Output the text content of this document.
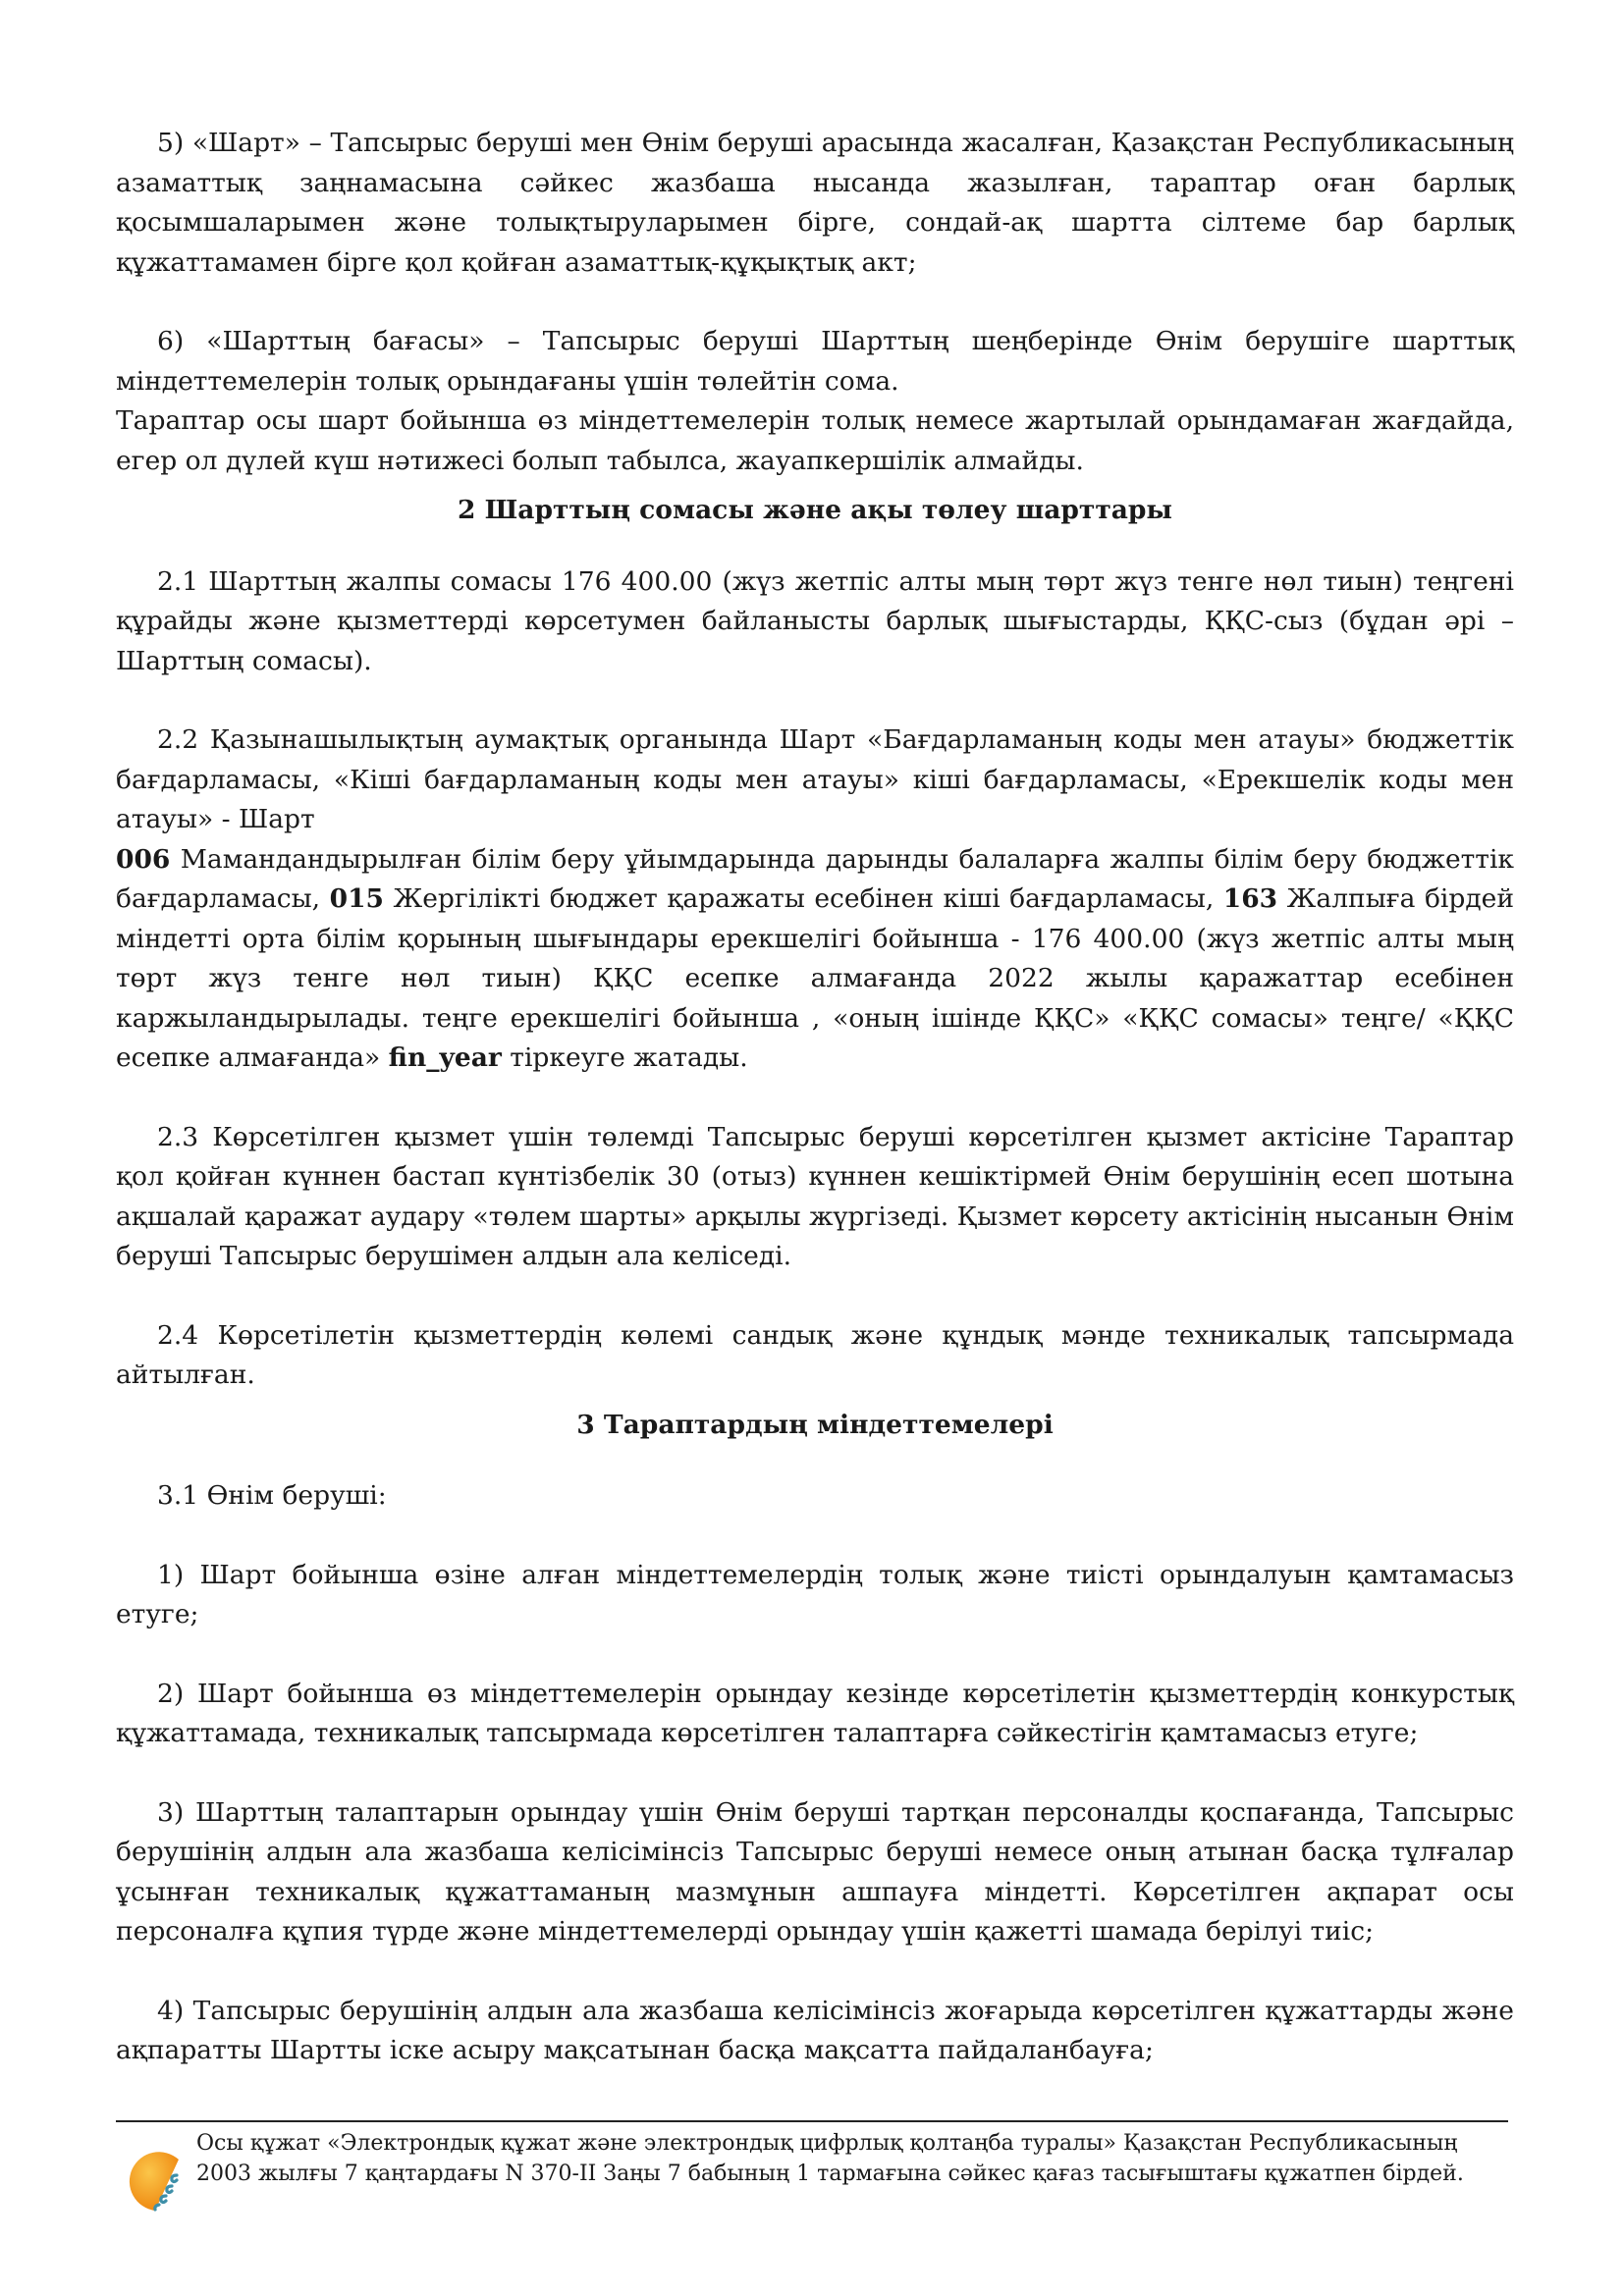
5) «Шарт» – Тапсырыс беруші мен Өнім беруші арасында жасалған, Қазақстан Республикасының азаматтық заңнамасына сәйкес жазбаша нысанда жазылған, тараптар оған барлық қосымшаларымен және толықтыруларымен бірге, сондай-ақ шартта сілтеме бар барлық құжаттамамен бірге қол қойған азаматтық-құқықтық акт;

6) «Шарттың бағасы» – Тапсырыс беруші Шарттың шеңберінде Өнім берушіге шарттық міндеттемелерін толық орындағаны үшін төлейтін сома.

Тараптар осы шарт бойынша өз міндеттемелерін толық немесе жартылай орындамаған жағдайда, егер ол дүлей күш нәтижесі болып табылса, жауапкершілік алмайды.

2 Шарттың сомасы және ақы төлеу шарттары

2.1 Шарттың жалпы сомасы 176 400.00 (жүз жетпіс алты мың төрт жүз тенге нөл тиын) теңгені құрайды және қызметтерді көрсетумен байланысты барлық шығыстарды, ҚҚС-сыз (бұдан әрі – Шарттың сомасы).

2.2 Қазынашылықтың аумақтық органында Шарт «Бағдарламаның коды мен атауы» бюджеттік бағдарламасы, «Кіші бағдарламаның коды мен атауы» кіші бағдарламасы, «Ерекшелік коды мен атауы» - Шарт
006 Мамандандырылған білім беру ұйымдарында дарынды балаларға жалпы білім беру бюджеттік бағдарламасы, 015 Жергілікті бюджет қаражаты есебінен кіші бағдарламасы, 163 Жалпыға бірдей міндетті орта білім қорының шығындары ерекшелігі бойынша - 176 400.00 (жүз жетпіс алты мың төрт жүз тенге нөл тиын) ҚҚС есепке алмағанда 2022 жылы қаражаттар есебінен каржыландырылады. теңге ерекшелігі бойынша , «оның ішінде ҚҚС» «ҚҚС сомасы» теңге/ «ҚҚС есепке алмағанда» fin_year тіркеуге жатады.

2.3 Көрсетілген қызмет үшін төлемді Тапсырыс беруші көрсетілген қызмет актісіне Тараптар қол қойған күннен бастап күнтізбелік 30 (отыз) күннен кешіктірмей Өнім берушінің есеп шотына ақшалай қаражат аудару «төлем шарты» арқылы жүргізеді. Қызмет көрсету актісінің нысанын Өнім беруші Тапсырыс берушімен алдын ала келіседі.

2.4 Көрсетілетін қызметтердің көлемі сандық және құндық мәнде техникалық тапсырмада айтылған.

3 Тараптардың міндеттемелері

3.1 Өнім беруші:

1) Шарт бойынша өзіне алған міндеттемелердің толық және тиісті орындалуын қамтамасыз етуге;

2) Шарт бойынша өз міндеттемелерін орындау кезінде көрсетілетін қызметтердің конкурстық құжаттамада, техникалық тапсырмада көрсетілген талаптарға сәйкестігін қамтамасыз етуге;

3) Шарттың талаптарын орындау үшін Өнім беруші тартқан персоналды қоспағанда, Тапсырыс берушінің алдын ала жазбаша келісімінсіз Тапсырыс беруші немесе оның атынан басқа тұлғалар ұсынған техникалық құжаттаманың мазмұнын ашпауға міндетті. Көрсетілген ақпарат осы персоналға құпия түрде және міндеттемелерді орындау үшін қажетті шамада берілуі тиіс;

4) Тапсырыс берушінің алдын ала жазбаша келісімінсіз жоғарыда көрсетілген құжаттарды және ақпаратты Шартты іске асыру мақсатынан басқа мақсатта пайдаланбауға;

Осы құжат «Электрондық құжат және электрондық цифрлық қолтаңба туралы» Қазақстан Республикасының 2003 жылғы 7 қаңтардағы N 370-II Заңы 7 бабының 1 тармағына сәйкес қағаз тасығыштағы құжатпен бірдей.
